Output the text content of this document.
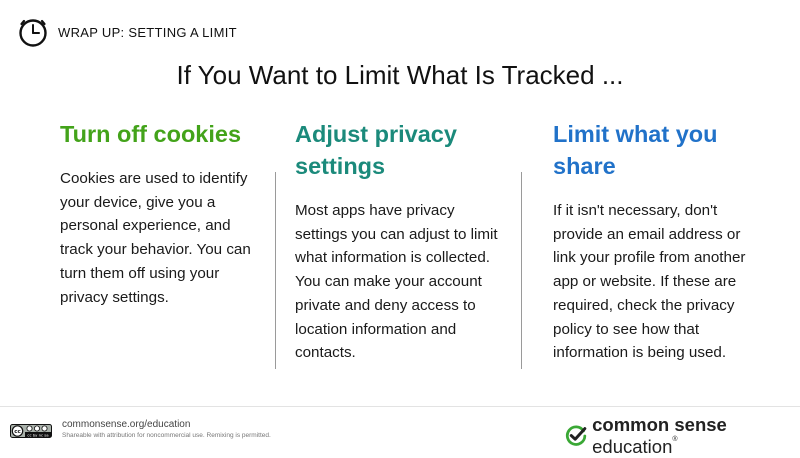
WRAP UP: SETTING A LIMIT
If You Want to Limit What Is Tracked ...
Turn off cookies

Cookies are used to identify your device, give you a personal experience, and track your behavior. You can turn them off using your privacy settings.

Adjust privacy settings

Most apps have privacy settings you can adjust to limit what information is collected. You can make your account private and deny access to location information and contacts.

Limit what you share

If it isn't necessary, don't provide an email address or link your profile from another app or website. If these are required, check the privacy policy to see how that information is being used.

cc cc by nc sa
commonsense.org/education
Shareable with attribution for noncommercial use. Remixing is permitted.
common sense education®
